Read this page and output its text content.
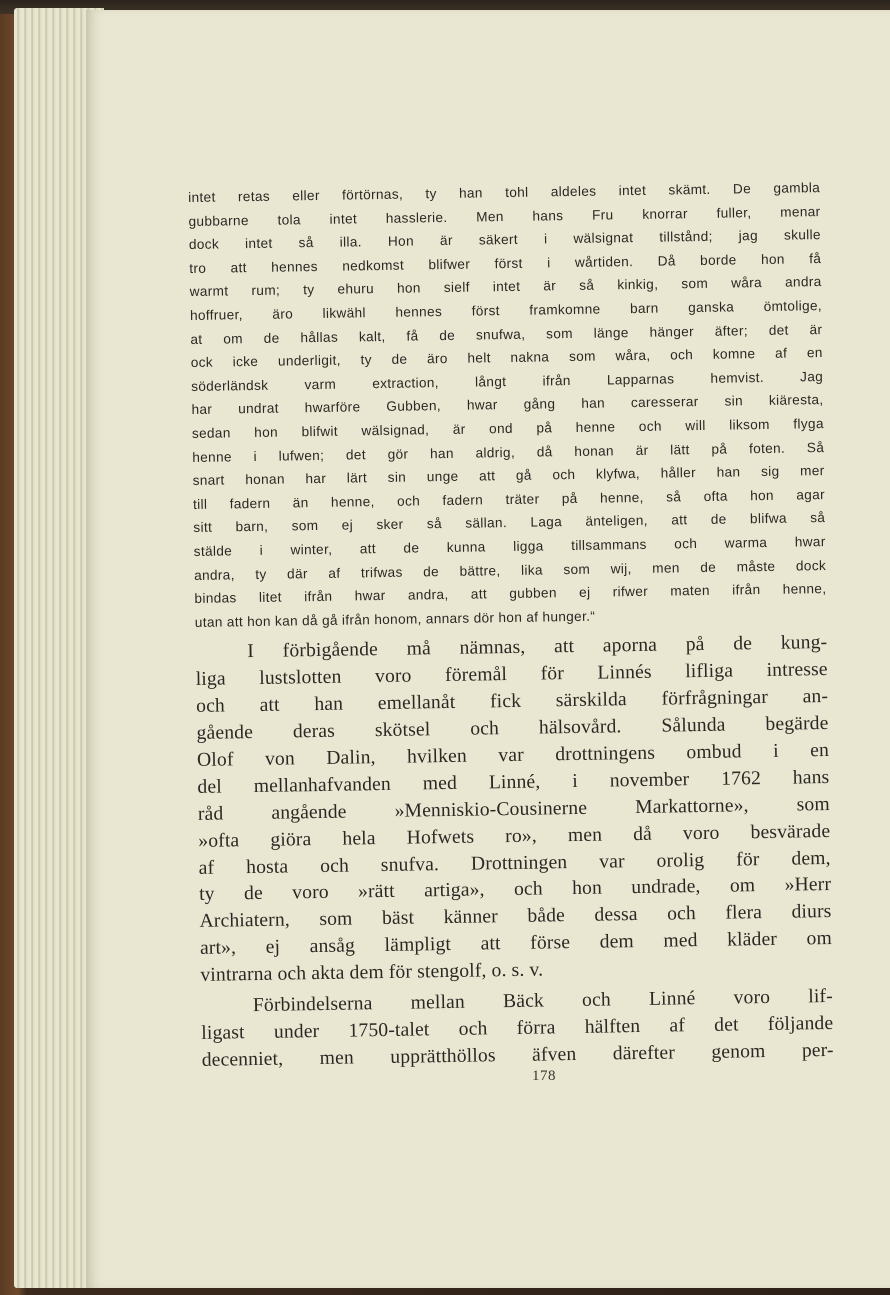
intet retas eller förtörnas, ty han tohl aldeles intet skämt. De gambla
gubbarne tola intet hasslerie. Men hans Fru knorrar fuller, menar
dock intet så illa. Hon är säkert i wälsignat tillstånd; jag skulle
tro att hennes nedkomst blifwer först i wårtiden. Då borde hon få
warmt rum; ty ehuru hon sielf intet är så kinkig, som wåra andra
hoffruer, äro likwähl hennes först framkomne barn ganska ömtolige,
at om de hållas kalt, få de snufwa, som länge hänger äfter; det är
ock icke underligit, ty de äro helt nakna som wåra, och komne af en
söderländsk varm extraction, långt ifrån Lapparnas hemvist. Jag
har undrat hwarföre Gubben, hwar gång han caresserar sin kiäresta,
sedan hon blifwit wälsignad, är ond på henne och will liksom flyga
henne i lufwen; det gör han aldrig, då honan är lätt på foten. Så
snart honan har lärt sin unge att gå och klyfwa, håller han sig mer
till fadern än henne, och fadern träter på henne, så ofta hon agar
sitt barn, som ej sker så sällan. Laga änteligen, att de blifwa så
stälde i winter, att de kunna ligga tillsammans och warma hwar
andra, ty där af trifwas de bättre, lika som wij, men de måste dock
bindas litet ifrån hwar andra, att gubben ej rifwer maten ifrån henne,
utan att hon kan då gå ifrån honom, annars dör hon af hunger.“
I förbigående må nämnas, att aporna på de kung-
liga lustslotten voro föremål för Linnés lifliga intresse
och att han emellanåt fick särskilda förfrågningar an-
gående deras skötsel och hälsovård. Sålunda begärde
Olof von Dalin, hvilken var drottningens ombud i en
del mellanhafvanden med Linné, i november 1762 hans
råd angående »Menniskio-Cousinerne Markattorne», som
»ofta giöra hela Hofwets ro», men då voro besvärade
af hosta och snufva. Drottningen var orolig för dem,
ty de voro »rätt artiga», och hon undrade, om »Herr
Archiatern, som bäst känner både dessa och flera diurs
art», ej ansåg lämpligt att förse dem med kläder om
vintrarna och akta dem för stengolf, o. s. v.
Förbindelserna mellan Bäck och Linné voro lif-
ligast under 1750-talet och förra hälften af det följande
decenniet, men upprätthöllos äfven därefter genom per-
178
